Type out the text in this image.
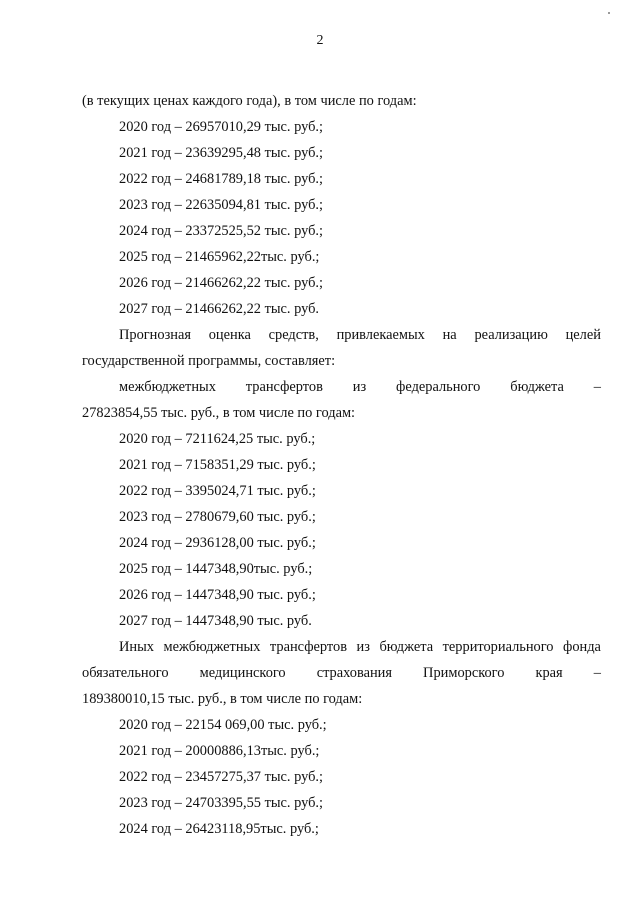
2
(в текущих ценах каждого года), в том числе по годам:
2020 год – 26957010,29 тыс. руб.;
2021 год – 23639295,48 тыс. руб.;
2022 год – 24681789,18 тыс. руб.;
2023 год – 22635094,81 тыс. руб.;
2024 год – 23372525,52 тыс. руб.;
2025 год – 21465962,22тыс. руб.;
2026 год – 21466262,22 тыс. руб.;
2027 год – 21466262,22 тыс. руб.
Прогнозная оценка средств, привлекаемых на реализацию целей
государственной программы, составляет:
межбюджетных трансфертов из федерального бюджета –
27823854,55 тыс. руб., в том числе по годам:
2020 год – 7211624,25 тыс. руб.;
2021 год – 7158351,29 тыс. руб.;
2022 год – 3395024,71 тыс. руб.;
2023 год – 2780679,60 тыс. руб.;
2024 год – 2936128,00 тыс. руб.;
2025 год – 1447348,90тыс. руб.;
2026 год – 1447348,90 тыс. руб.;
2027 год – 1447348,90 тыс. руб.
Иных межбюджетных трансфертов из бюджета территориального фонда
обязательного медицинского страхования Приморского края –
189380010,15 тыс. руб., в том числе по годам:
2020 год – 22154 069,00 тыс. руб.;
2021 год – 20000886,13тыс. руб.;
2022 год – 23457275,37 тыс. руб.;
2023 год – 24703395,55 тыс. руб.;
2024 год – 26423118,95тыс. руб.;
